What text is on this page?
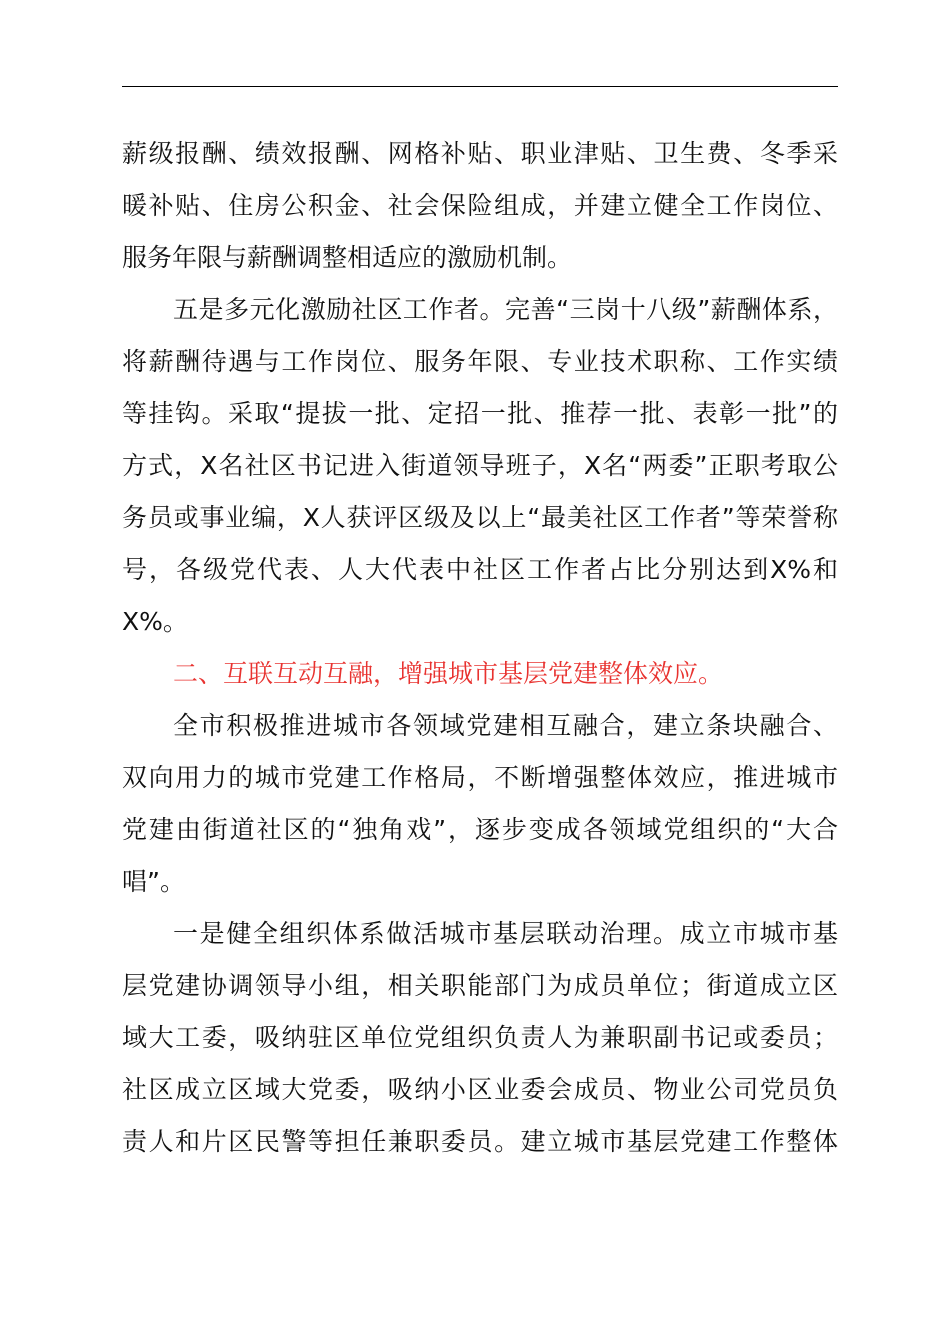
薪级报酬、绩效报酬、网格补贴、职业津贴、卫生费、冬季采
暖补贴、住房公积金、社会保险组成，并建立健全工作岗位、
服务年限与薪酬调整相适应的激励机制。
五是多元化激励社区工作者。完善“三岗十八级”薪酬体系，
将薪酬待遇与工作岗位、服务年限、专业技术职称、工作实绩
等挂钩。采取“提拔一批、定招一批、推荐一批、表彰一批”的
方式，X名社区书记进入街道领导班子，X名“两委”正职考取公
务员或事业编，X人获评区级及以上“最美社区工作者”等荣誉称
号，各级党代表、人大代表中社区工作者占比分别达到X%和
X%。
二、互联互动互融，增强城市基层党建整体效应。
全市积极推进城市各领域党建相互融合，建立条块融合、
双向用力的城市党建工作格局，不断增强整体效应，推进城市
党建由街道社区的“独角戏”，逐步变成各领域党组织的“大合
唱”。
一是健全组织体系做活城市基层联动治理。成立市城市基
层党建协调领导小组，相关职能部门为成员单位；街道成立区
域大工委，吸纳驻区单位党组织负责人为兼职副书记或委员；
社区成立区域大党委，吸纳小区业委会成员、物业公司党员负
责人和片区民警等担任兼职委员。建立城市基层党建工作整体
